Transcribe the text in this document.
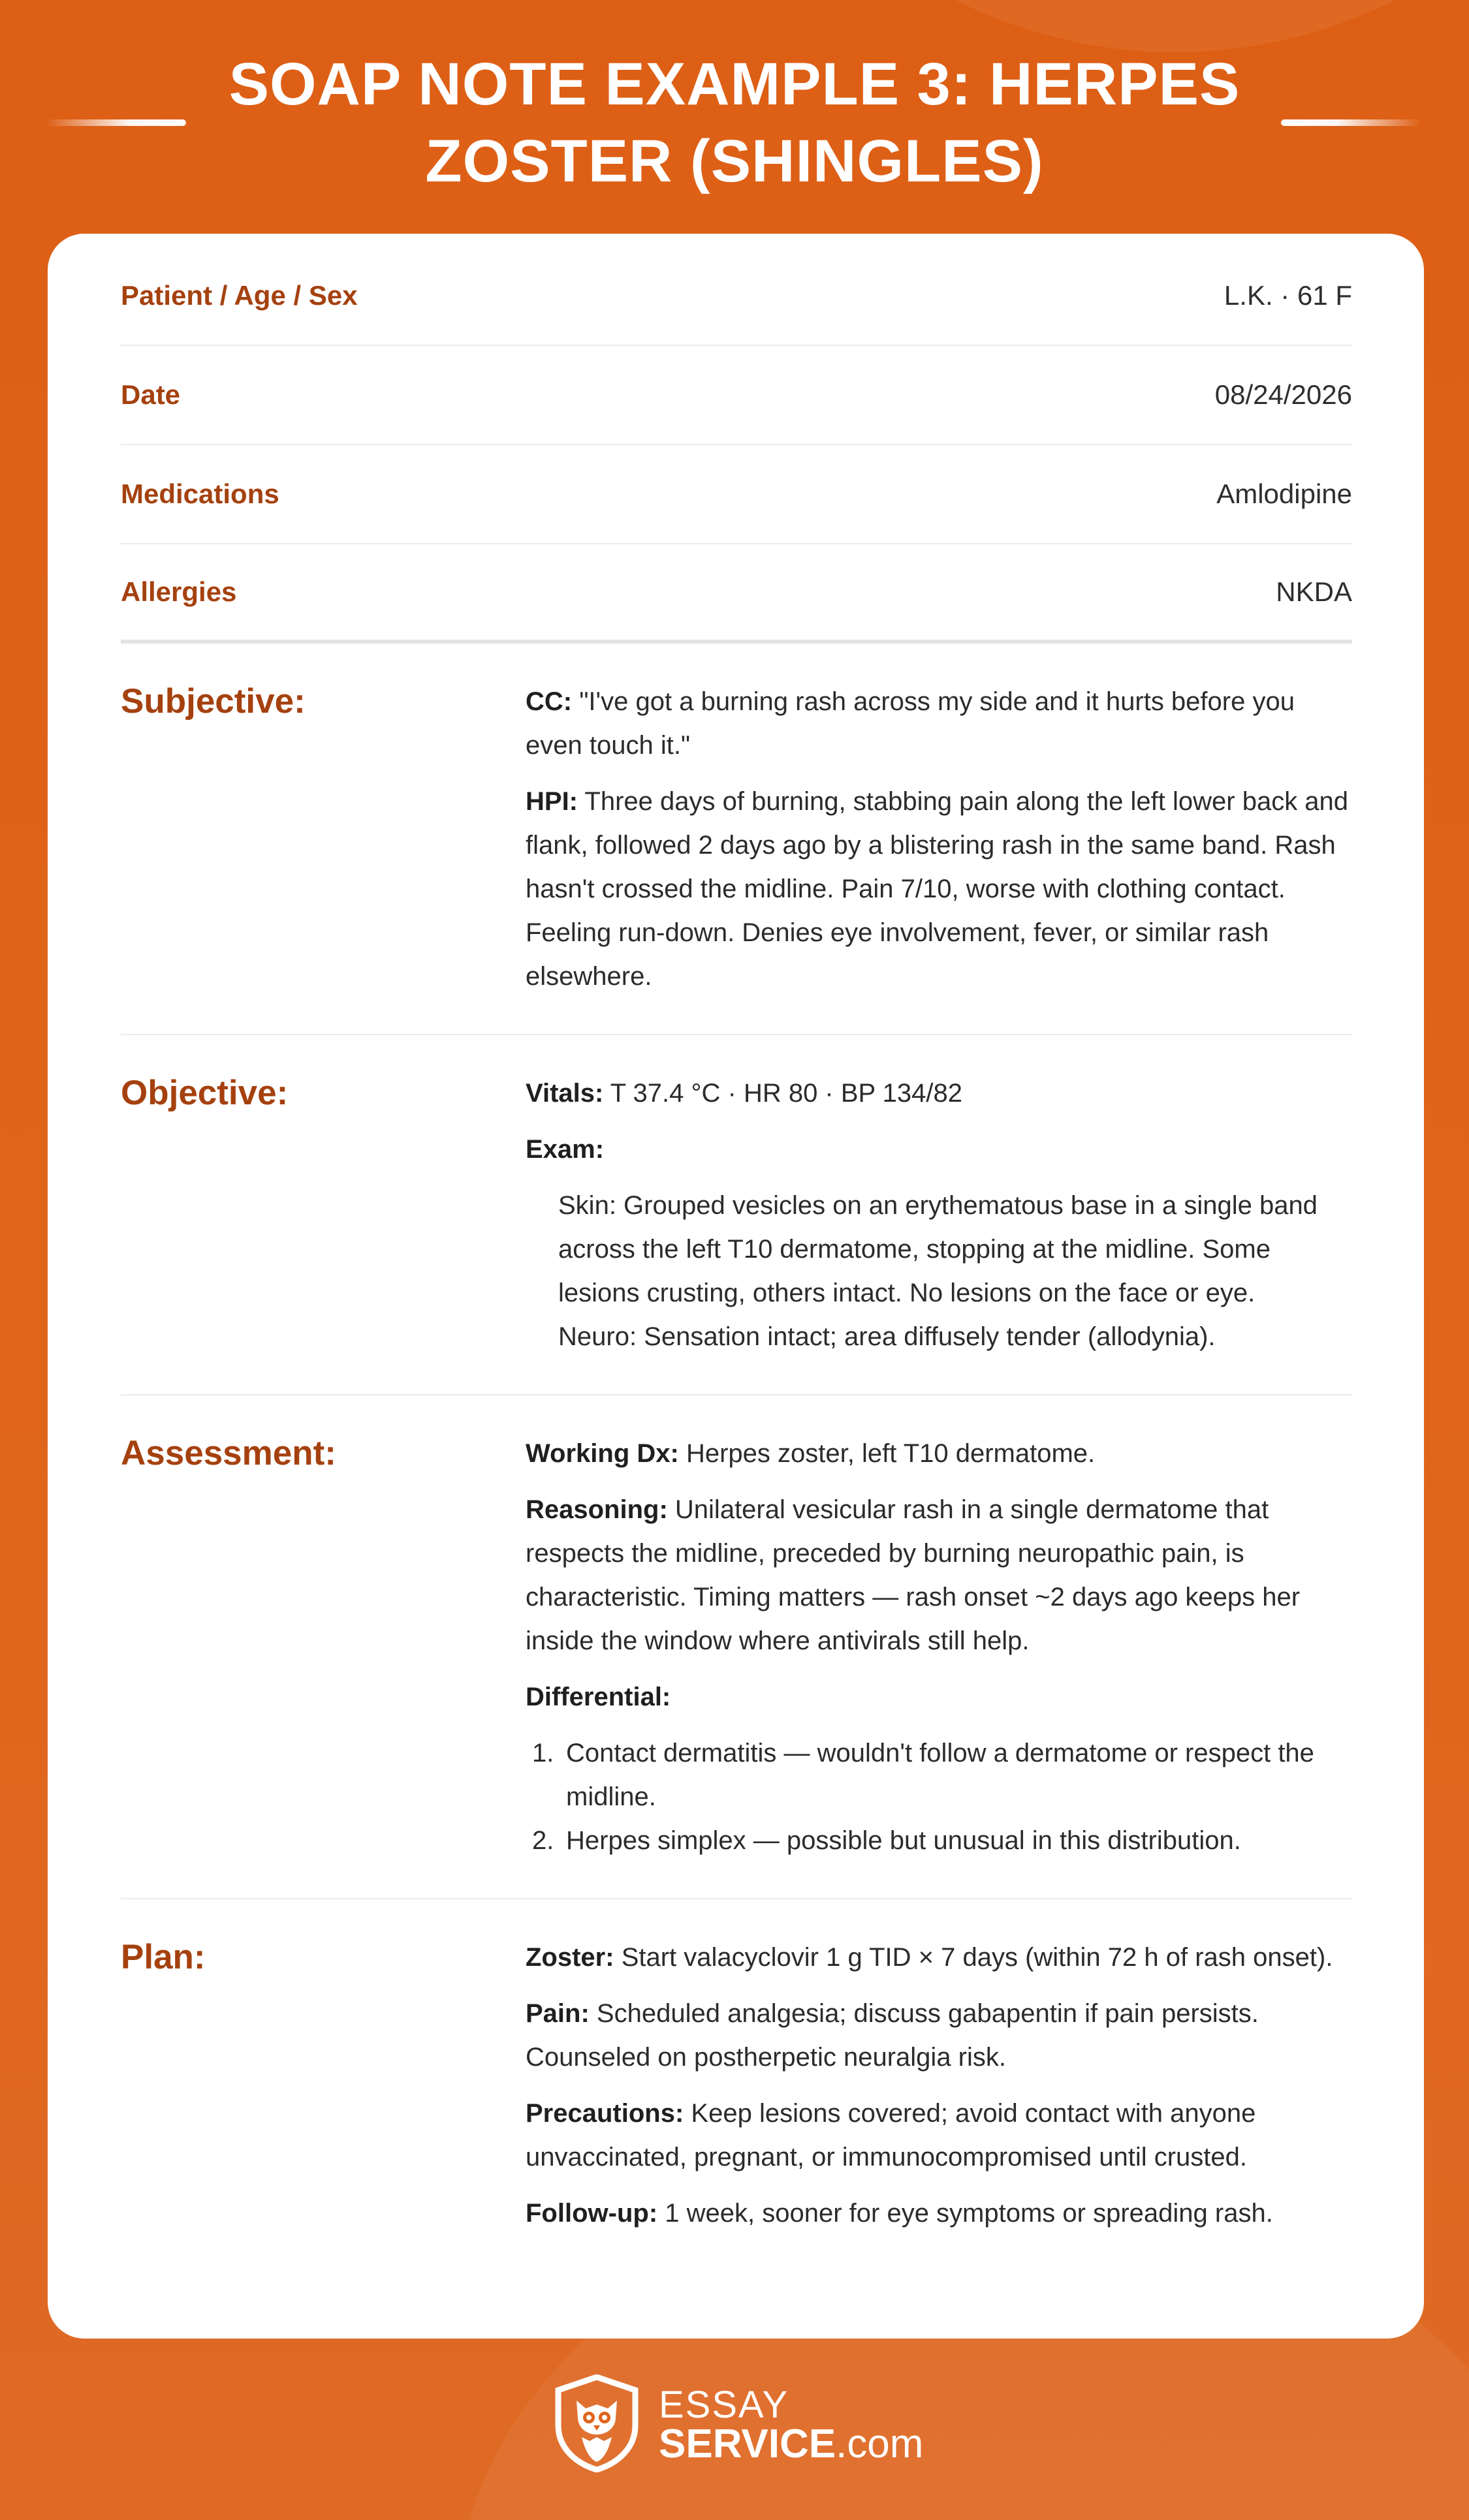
SOAP NOTE EXAMPLE 3: HERPES
ZOSTER (SHINGLES)
Patient / Age / Sex	L.K. · 61 F
Date	08/24/2026
Medications	Amlodipine
Allergies	NKDA
Subjective:	CC: "I've got a burning rash across my side and it hurts before you even touch it."

HPI: Three days of burning, stabbing pain along the left lower back and flank, followed 2 days ago by a blistering rash in the same band. Rash hasn't crossed the midline. Pain 7/10, worse with clothing contact. Feeling run-down. Denies eye involvement, fever, or similar rash elsewhere.

Objective:	Vitals: T 37.4 °C · HR 80 · BP 134/82

Exam:

Skin: Grouped vesicles on an erythematous base in a single band across the left T10 dermatome, stopping at the midline. Some lesions crusting, others intact. No lesions on the face or eye.
Neuro: Sensation intact; area diffusely tender (allodynia).
Assessment:	Working Dx: Herpes zoster, left T10 dermatome.

Reasoning: Unilateral vesicular rash in a single dermatome that respects the midline, preceded by burning neuropathic pain, is characteristic. Timing matters — rash onset ~2 days ago keeps her inside the window where antivirals still help.

Differential:

1. Contact dermatitis — wouldn't follow a dermatome or respect the midline.
2. Herpes simplex — possible but unusual in this distribution.
Plan:	Zoster: Start valacyclovir 1 g TID × 7 days (within 72 h of rash onset).

Pain: Scheduled analgesia; discuss gabapentin if pain persists. Counseled on postherpetic neuralgia risk.

Precautions: Keep lesions covered; avoid contact with anyone unvaccinated, pregnant, or immunocompromised until crusted.

Follow-up: 1 week, sooner for eye symptoms or spreading rash.

ESSAY
SERVICE.com
